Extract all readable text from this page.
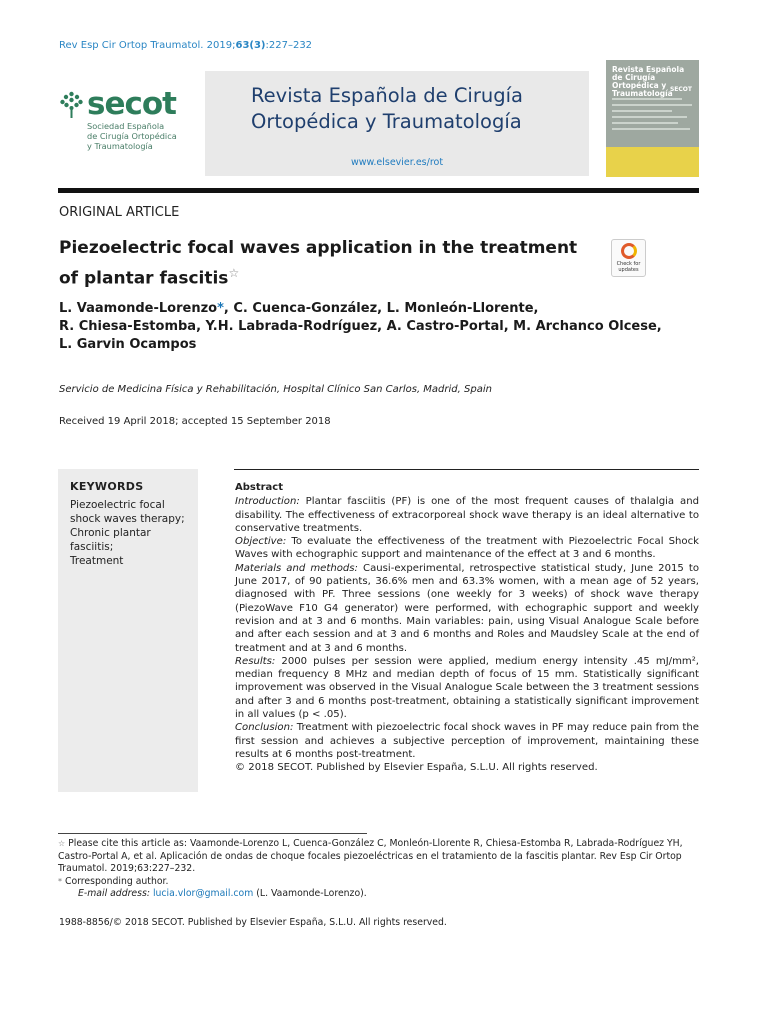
Rev Esp Cir Ortop Traumatol. 2019;63(3):227–232
secot
Sociedad Española
de Cirugía Ortopédica
y Traumatología
Revista Española de Cirugía
Ortopédica y Traumatología
www.elsevier.es/rot
Revista Española de Cirugía Ortopédica y Traumatología
SECOT
ORIGINAL ARTICLE
Piezoelectric focal waves application in the treatment of plantar fascitis☆
Check for
updates
L. Vaamonde-Lorenzo*, C. Cuenca-González, L. Monleón-Llorente,
R. Chiesa-Estomba, Y.H. Labrada-Rodríguez, A. Castro-Portal, M. Archanco Olcese,
L. Garvin Ocampos
Servicio de Medicina Física y Rehabilitación, Hospital Clínico San Carlos, Madrid, Spain
Received 19 April 2018; accepted 15 September 2018
KEYWORDS
Piezoelectric focal shock waves therapy;
Chronic plantar fasciitis;
Treatment
Abstract

Introduction: Plantar fasciitis (PF) is one of the most frequent causes of thalalgia and disability. The effectiveness of extracorporeal shock wave therapy is an ideal alternative to conservative treatments.

Objective: To evaluate the effectiveness of the treatment with Piezoelectric Focal Shock Waves with echographic support and maintenance of the effect at 3 and 6 months.

Materials and methods: Causi-experimental, retrospective statistical study, June 2015 to June 2017, of 90 patients, 36.6% men and 63.3% women, with a mean age of 52 years, diagnosed with PF. Three sessions (one weekly for 3 weeks) of shock wave therapy (PiezoWave F10 G4 generator) were performed, with echographic support and weekly revision and at 3 and 6 months. Main variables: pain, using Visual Analogue Scale before and after each session and at 3 and 6 months and Roles and Maudsley Scale at the end of treatment and at 3 and 6 months.

Results: 2000 pulses per session were applied, medium energy intensity .45 mJ/mm², median frequency 8 MHz and median depth of focus of 15 mm. Statistically significant improvement was observed in the Visual Analogue Scale between the 3 treatment sessions and after 3 and 6 months post-treatment, obtaining a statistically significant improvement in all values (p < .05).

Conclusion: Treatment with piezoelectric focal shock waves in PF may reduce pain from the first session and achieves a subjective perception of improvement, maintaining these results at 6 months post-treatment.

© 2018 SECOT. Published by Elsevier España, S.L.U. All rights reserved.

☆ Please cite this article as: Vaamonde-Lorenzo L, Cuenca-González C, Monleón-Llorente R, Chiesa-Estomba R, Labrada-Rodríguez YH, Castro-Portal A, et al. Aplicación de ondas de choque focales piezoeléctricas en el tratamiento de la fascitis plantar. Rev Esp Cir Ortop Traumatol. 2019;63:227–232.

* Corresponding author.

E-mail address: lucia.vlor@gmail.com (L. Vaamonde-Lorenzo).

1988-8856/© 2018 SECOT. Published by Elsevier España, S.L.U. All rights reserved.
